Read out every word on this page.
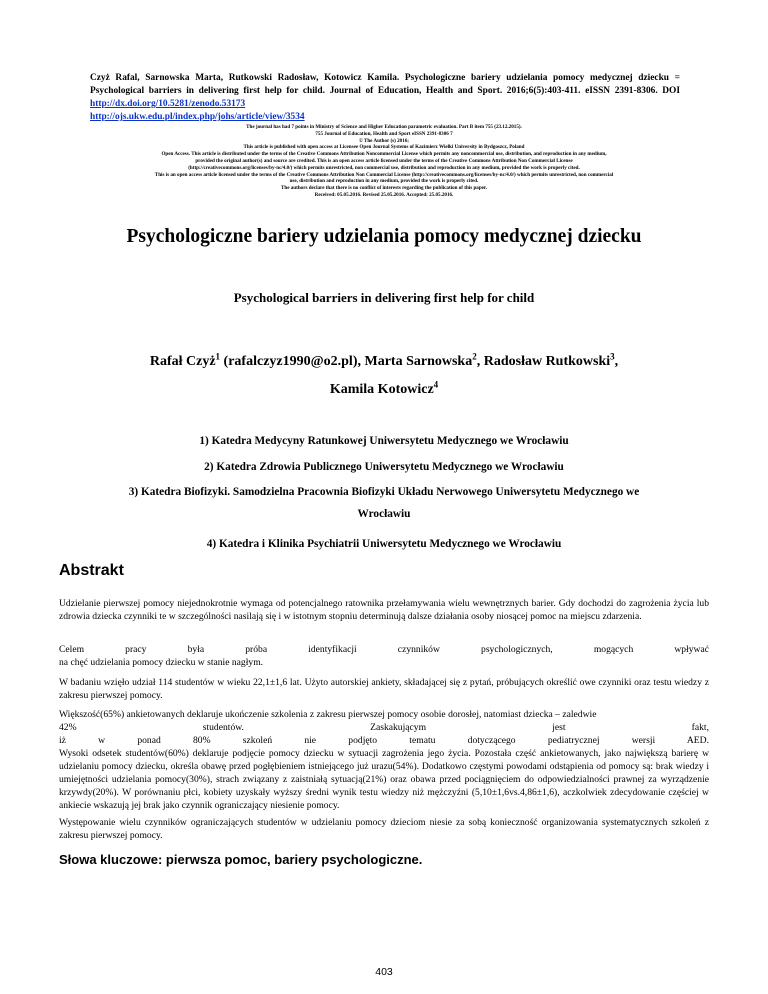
Czyż Rafal, Sarnowska Marta, Rutkowski Radosław, Kotowicz Kamila. Psychologiczne bariery udzielania pomocy medycznej dziecku = Psychological barriers in delivering first help for child. Journal of Education, Health and Sport. 2016;6(5):403-411. eISSN 2391-8306. DOI http://dx.doi.org/10.5281/zenodo.53173
http://ojs.ukw.edu.pl/index.php/johs/article/view/3534
The journal has had 7 points in Ministry of Science and Higher Education parametric evaluation. Part B item 755 (23.12.2015).
755 Journal of Education, Health and Sport eISSN 2391-8306 7
© The Author (s) 2016;
This article is published with open access at Licensee Open Journal Systems of Kazimierz Wielki University in Bydgoszcz, Poland
Open Access. This article is distributed under the terms of the Creative Commons Attribution Noncommercial License which permits any noncommercial use, distribution, and reproduction in any medium,
provided the original author(s) and source are credited. This is an open access article licensed under the terms of the Creative Commons Attribution Non Commercial License
(http://creativecommons.org/licenses/by-nc/4.0/) which permits unrestricted, non commercial use, distribution and reproduction in any medium, provided the work is properly cited.
This is an open access article licensed under the terms of the Creative Commons Attribution Non Commercial License (http://creativecommons.org/licenses/by-nc/4.0/) which permits unrestricted, non commercial
use, distribution and reproduction in any medium, provided the work is properly cited.
The authors declare that there is no conflict of interests regarding the publication of this paper.
Received: 05.05.2016. Revised 25.05.2016. Accepted: 25.05.2016.
Psychologiczne bariery udzielania pomocy medycznej dziecku
Psychological barriers in delivering first help for child
Rafał Czyż$^1$ (rafalczyz1990@o2.pl), Marta Sarnowska$^2$, Radosław Rutkowski$^3$,
Kamila Kotowicz$^4$
1) Katedra Medycyny Ratunkowej Uniwersytetu Medycznego we Wrocławiu
2) Katedra Zdrowia Publicznego Uniwersytetu Medycznego we Wrocławiu
3) Katedra Biofizyki. Samodzielna Pracownia Biofizyki Układu Nerwowego Uniwersytetu Medycznego we
Wrocławiu
4) Katedra i Klinika Psychiatrii Uniwersytetu Medycznego we Wrocławiu
Abstrakt
Udzielanie pierwszej pomocy niejednokrotnie wymaga od potencjalnego ratownika przełamywania wielu wewnętrznych barier. Gdy dochodzi do zagrożenia życia lub zdrowia dziecka czynniki te w szczególności nasilają się i w istotnym stopniu determinują dalsze działania osoby niosącej pomoc na miejscu zdarzenia.
Celem pracy była próba identyfikacji czynników psychologicznych, mogących wpływać
na chęć udzielania pomocy dziecku w stanie nagłym.
W badaniu wzięło udział 114 studentów w wieku 22,1±1,6 lat. Użyto autorskiej ankiety, składającej się z pytań, próbujących określić owe czynniki oraz testu wiedzy z zakresu pierwszej pomocy.
Większość(65%) ankietowanych deklaruje ukończenie szkolenia z zakresu pierwszej pomocy osobie dorosłej, natomiast dziecka – zaledwie
42% studentów. Zaskakującym jest fakt,
iż w ponad 80% szkoleń nie podjęto tematu dotyczącego pediatrycznej wersji AED.
Wysoki odsetek studentów(60%) deklaruje podjęcie pomocy dziecku w sytuacji zagrożenia jego życia. Pozostała część ankietowanych, jako największą barierę w udzielaniu pomocy dziecku, określa obawę przed pogłębieniem istniejącego już urazu(54%). Dodatkowo częstymi powodami odstąpienia od pomocy są: brak wiedzy i umiejętności udzielania pomocy(30%), strach związany z zaistniałą sytuacją(21%) oraz obawa przed pociągnięciem do odpowiedzialności prawnej za wyrządzenie krzywdy(20%). W porównaniu płci, kobiety uzyskały wyższy średni wynik testu wiedzy niż mężczyźni (5,10±1,6vs.4,86±1,6), aczkolwiek zdecydowanie częściej w ankiecie wskazują jej brak jako czynnik ograniczający niesienie pomocy.
Występowanie wielu czynników ograniczających studentów w udzielaniu pomocy dzieciom niesie za sobą konieczność organizowania systematycznych szkoleń z zakresu pierwszej pomocy.
Słowa kluczowe: pierwsza pomoc, bariery psychologiczne.
403
